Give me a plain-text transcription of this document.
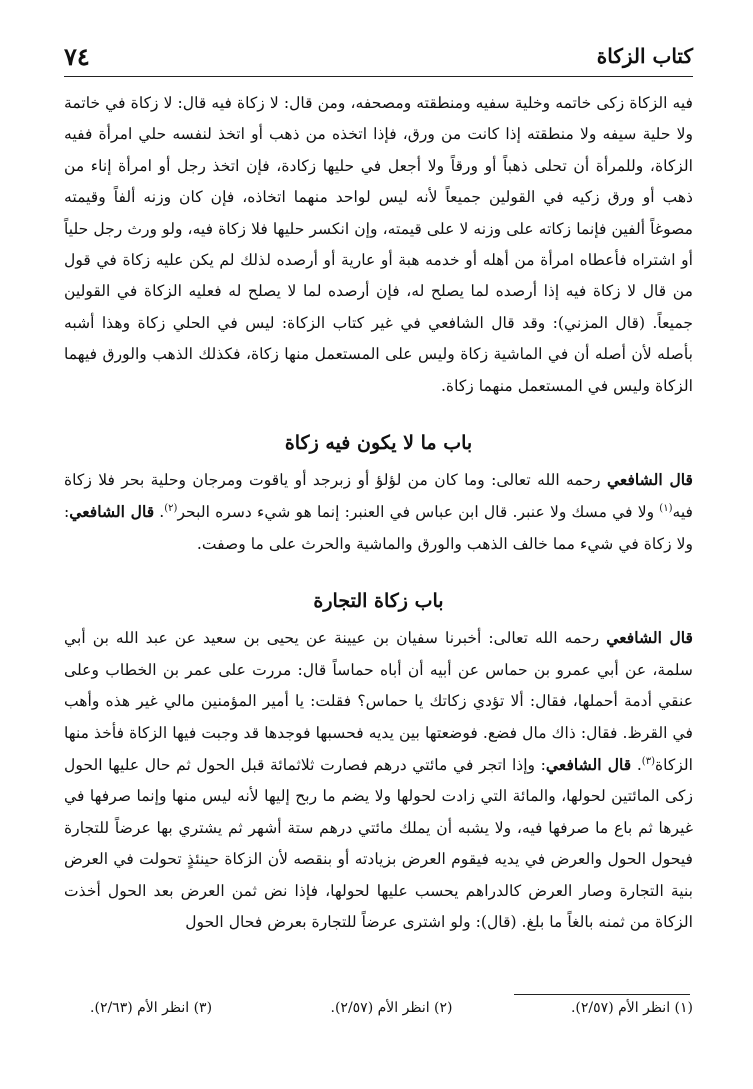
٧٤	كتاب الزكاة

فيه الزكاة زكى خاتمه وخلية سفيه ومنطقته ومصحفه، ومن قال: لا زكاة فيه قال: لا زكاة في خاتمة ولا حلية سيفه ولا منطقته إذا كانت من ورق، فإذا اتخذه من ذهب أو اتخذ لنفسه حلي امرأة ففيه الزكاة، وللمرأة أن تحلى ذهباً أو ورقاً ولا أجعل في حليها زكادة، فإن اتخذ رجل أو امرأة إناء من ذهب أو ورق زكيه في القولين جميعاً لأنه ليس لواحد منهما اتخاذه، فإن كان وزنه ألفاً وقيمته مصوغاً ألفين فإنما زكاته على وزنه لا على قيمته، وإن انكسر حليها فلا زكاة فيه، ولو ورث رجل حلياً أو اشتراه فأعطاه امرأة من أهله أو خدمه هبة أو عارية أو أرصده لذلك لم يكن عليه زكاة في قول من قال لا زكاة فيه إذا أرصده لما يصلح له، فإن أرصده لما لا يصلح له فعليه الزكاة في القولين جميعاً. (قال المزني): وقد قال الشافعي في غير كتاب الزكاة: ليس في الحلي زكاة وهذا أشبه بأصله لأن أصله أن في الماشية زكاة وليس على المستعمل منها زكاة، فكذلك الذهب والورق فيهما الزكاة وليس في المستعمل منهما زكاة.

باب ما لا يكون فيه زكاة

قال الشافعي رحمه الله تعالى: وما كان من لؤلؤ أو زبرجد أو ياقوت ومرجان وحلية بحر فلا زكاة فيه$^{(١)}$ ولا في مسك ولا عنبر. قال ابن عباس في العنبر: إنما هو شيء دسره البحر$^{(٢)}$. قال الشافعي: ولا زكاة في شيء مما خالف الذهب والورق والماشية والحرث على ما وصفت.

باب زكاة التجارة

قال الشافعي رحمه الله تعالى: أخبرنا سفيان بن عيينة عن يحيى بن سعيد عن عبد الله بن أبي سلمة، عن أبي عمرو بن حماس عن أبيه أن أباه حماساً قال: مررت على عمر بن الخطاب وعلى عنقي أدمة أحملها، فقال: ألا تؤدي زكاتك يا حماس؟ فقلت: يا أمير المؤمنين مالي غير هذه وأهب في القرظ. فقال: ذاك مال فضع. فوضعتها بين يديه فحسبها فوجدها قد وجبت فيها الزكاة فأخذ منها الزكاة$^{(٣)}$. قال الشافعي: وإذا اتجر في مائتي درهم فصارت ثلاثمائة قبل الحول ثم حال عليها الحول زكى المائتين لحولها، والمائة التي زادت لحولها ولا يضم ما ربح إليها لأنه ليس منها وإنما صرفها في غيرها ثم باع ما صرفها فيه، ولا يشبه أن يملك مائتي درهم ستة أشهر ثم يشتري بها عرضاً للتجارة فيحول الحول والعرض في يديه فيقوم العرض بزيادته أو بنقصه لأن الزكاة حينئذٍ تحولت في العرض بنية التجارة وصار العرض كالدراهم يحسب عليها لحولها، فإذا نض ثمن العرض بعد الحول أخذت الزكاة من ثمنه بالغاً ما بلغ. (قال): ولو اشترى عرضاً للتجارة بعرض فحال الحول

(١) انظر الأم (٢/٥٧).
(٢) انظر الأم (٢/٥٧).
(٣) انظر الأم (٢/٦٣).
